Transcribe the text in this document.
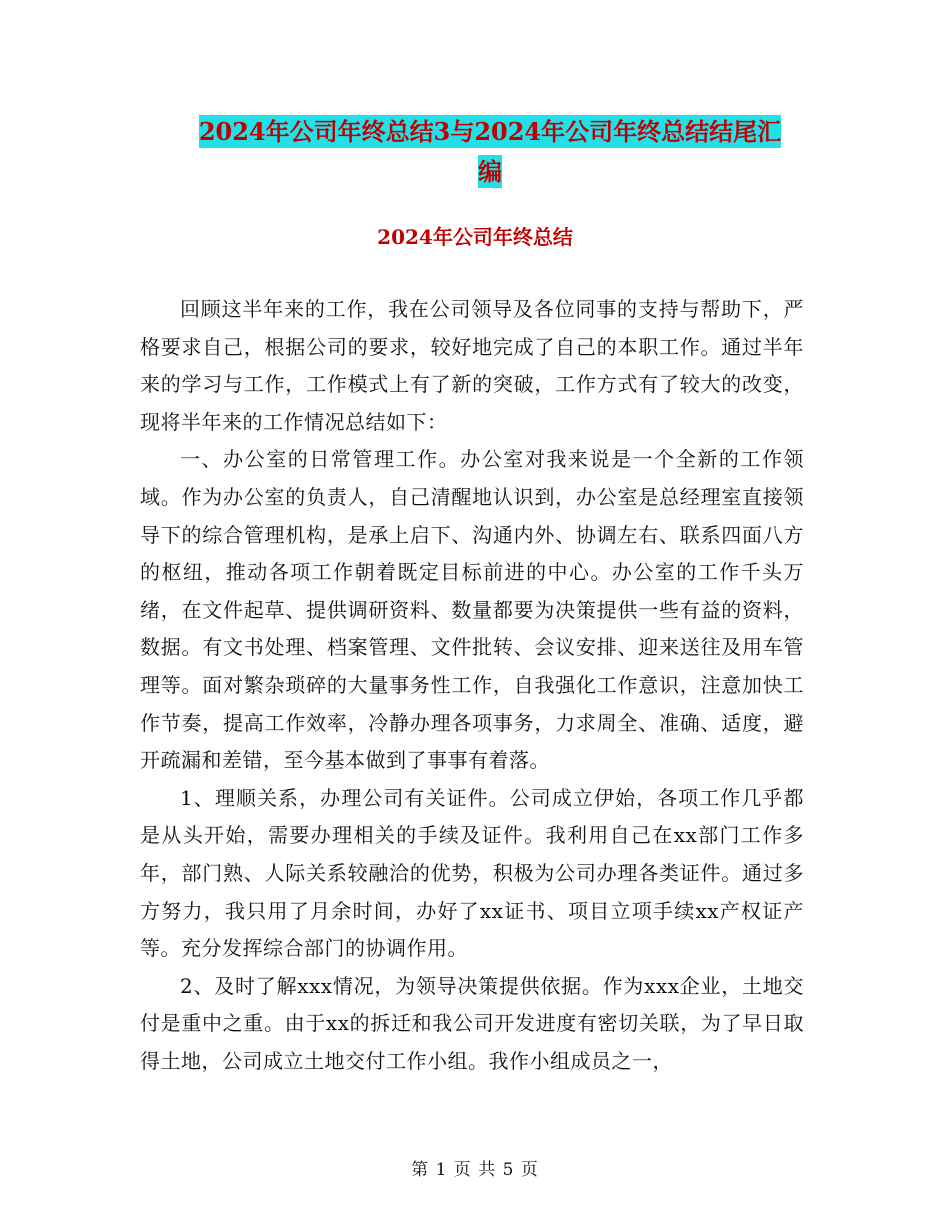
2024年公司年终总结3与2024年公司年终总结结尾汇
编
2024年公司年终总结

回顾这半年来的工作，我在公司领导及各位同事的支持与帮助下，严格要求自己，根据公司的要求，较好地完成了自己的本职工作。通过半年来的学习与工作，工作模式上有了新的突破，工作方式有了较大的改变，现将半年来的工作情况总结如下：

一、办公室的日常管理工作。办公室对我来说是一个全新的工作领域。作为办公室的负责人，自己清醒地认识到，办公室是总经理室直接领导下的综合管理机构，是承上启下、沟通内外、协调左右、联系四面八方的枢纽，推动各项工作朝着既定目标前进的中心。办公室的工作千头万绪，在文件起草、提供调研资料、数量都要为决策提供一些有益的资料，数据。有文书处理、档案管理、文件批转、会议安排、迎来送往及用车管理等。面对繁杂琐碎的大量事务性工作，自我强化工作意识，注意加快工作节奏，提高工作效率，冷静办理各项事务，力求周全、准确、适度，避开疏漏和差错，至今基本做到了事事有着落。

1、理顺关系，办理公司有关证件。公司成立伊始，各项工作几乎都是从头开始，需要办理相关的手续及证件。我利用自己在xx部门工作多年，部门熟、人际关系较融洽的优势，积极为公司办理各类证件。通过多方努力，我只用了月余时间，办好了xx证书、项目立项手续xx产权证产等。充分发挥综合部门的协调作用。

2、及时了解xxx情况，为领导决策提供依据。作为xxx企业，土地交付是重中之重。由于xx的拆迁和我公司开发进度有密切关联，为了早日取得土地，公司成立土地交付工作小组。我作小组成员之一，

第 1 页 共 5 页
